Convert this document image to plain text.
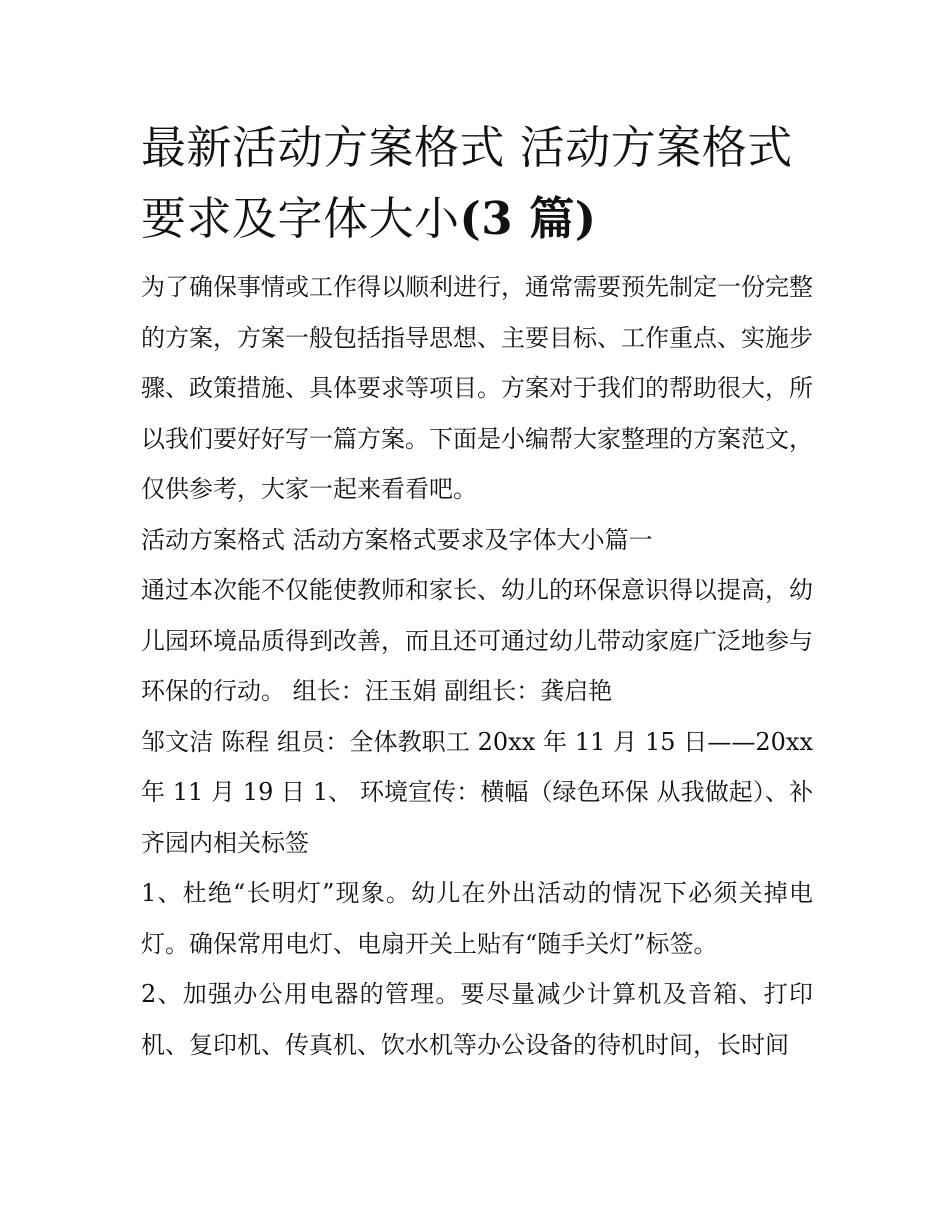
最新活动方案格式 活动方案格式要求及字体大小(3 篇)

为了确保事情或工作得以顺利进行，通常需要预先制定一份完整的方案，方案一般包括指导思想、主要目标、工作重点、实施步骤、政策措施、具体要求等项目。方案对于我们的帮助很大，所以我们要好好写一篇方案。下面是小编帮大家整理的方案范文，仅供参考，大家一起来看看吧。

活动方案格式 活动方案格式要求及字体大小篇一

通过本次能不仅能使教师和家长、幼儿的环保意识得以提高，幼儿园环境品质得到改善，而且还可通过幼儿带动家庭广泛地参与环保的行动。 组长：汪玉娟 副组长：龚启艳

邹文洁 陈程 组员：全体教职工 20xx 年 11 月 15 日——20xx 年 11 月 19 日 1、 环境宣传：横幅（绿色环保 从我做起）、补齐园内相关标签

1、杜绝“长明灯”现象。幼儿在外出活动的情况下必须关掉电灯。确保常用电灯、电扇开关上贴有“随手关灯”标签。

2、加强办公用电器的管理。要尽量减少计算机及音箱、打印机、复印机、传真机、饮水机等办公设备的待机时间，长时间
